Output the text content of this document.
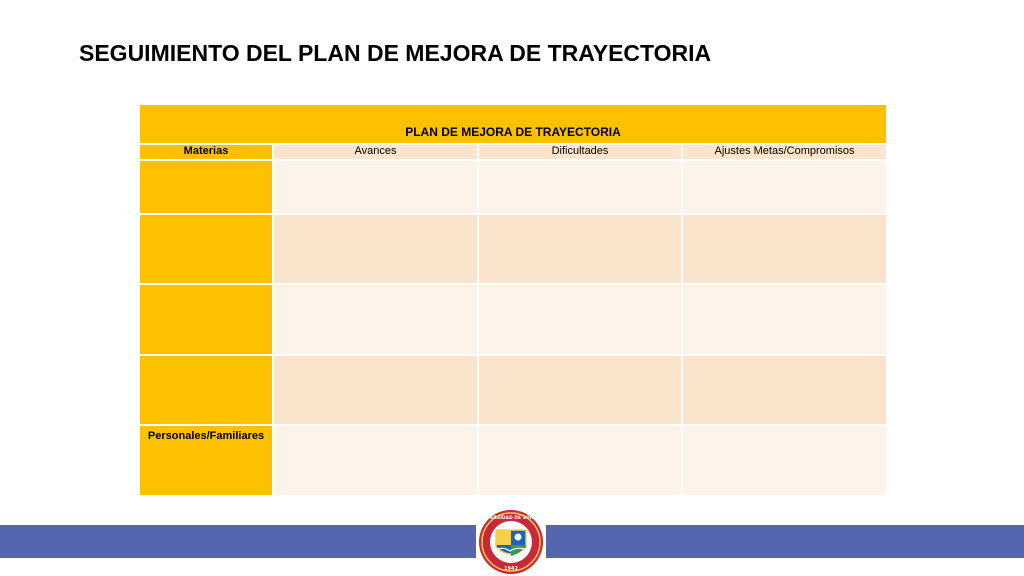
SEGUIMIENTO DEL PLAN DE MEJORA DE TRAYECTORIA
PLAN DE MEJORA DE TRAYECTORIA			
Materias	Avances	Dificultades	Ajustes Metas/Compromisos

Personales/Familiares			
UNIVERSIDAD DE SONORA
1942
